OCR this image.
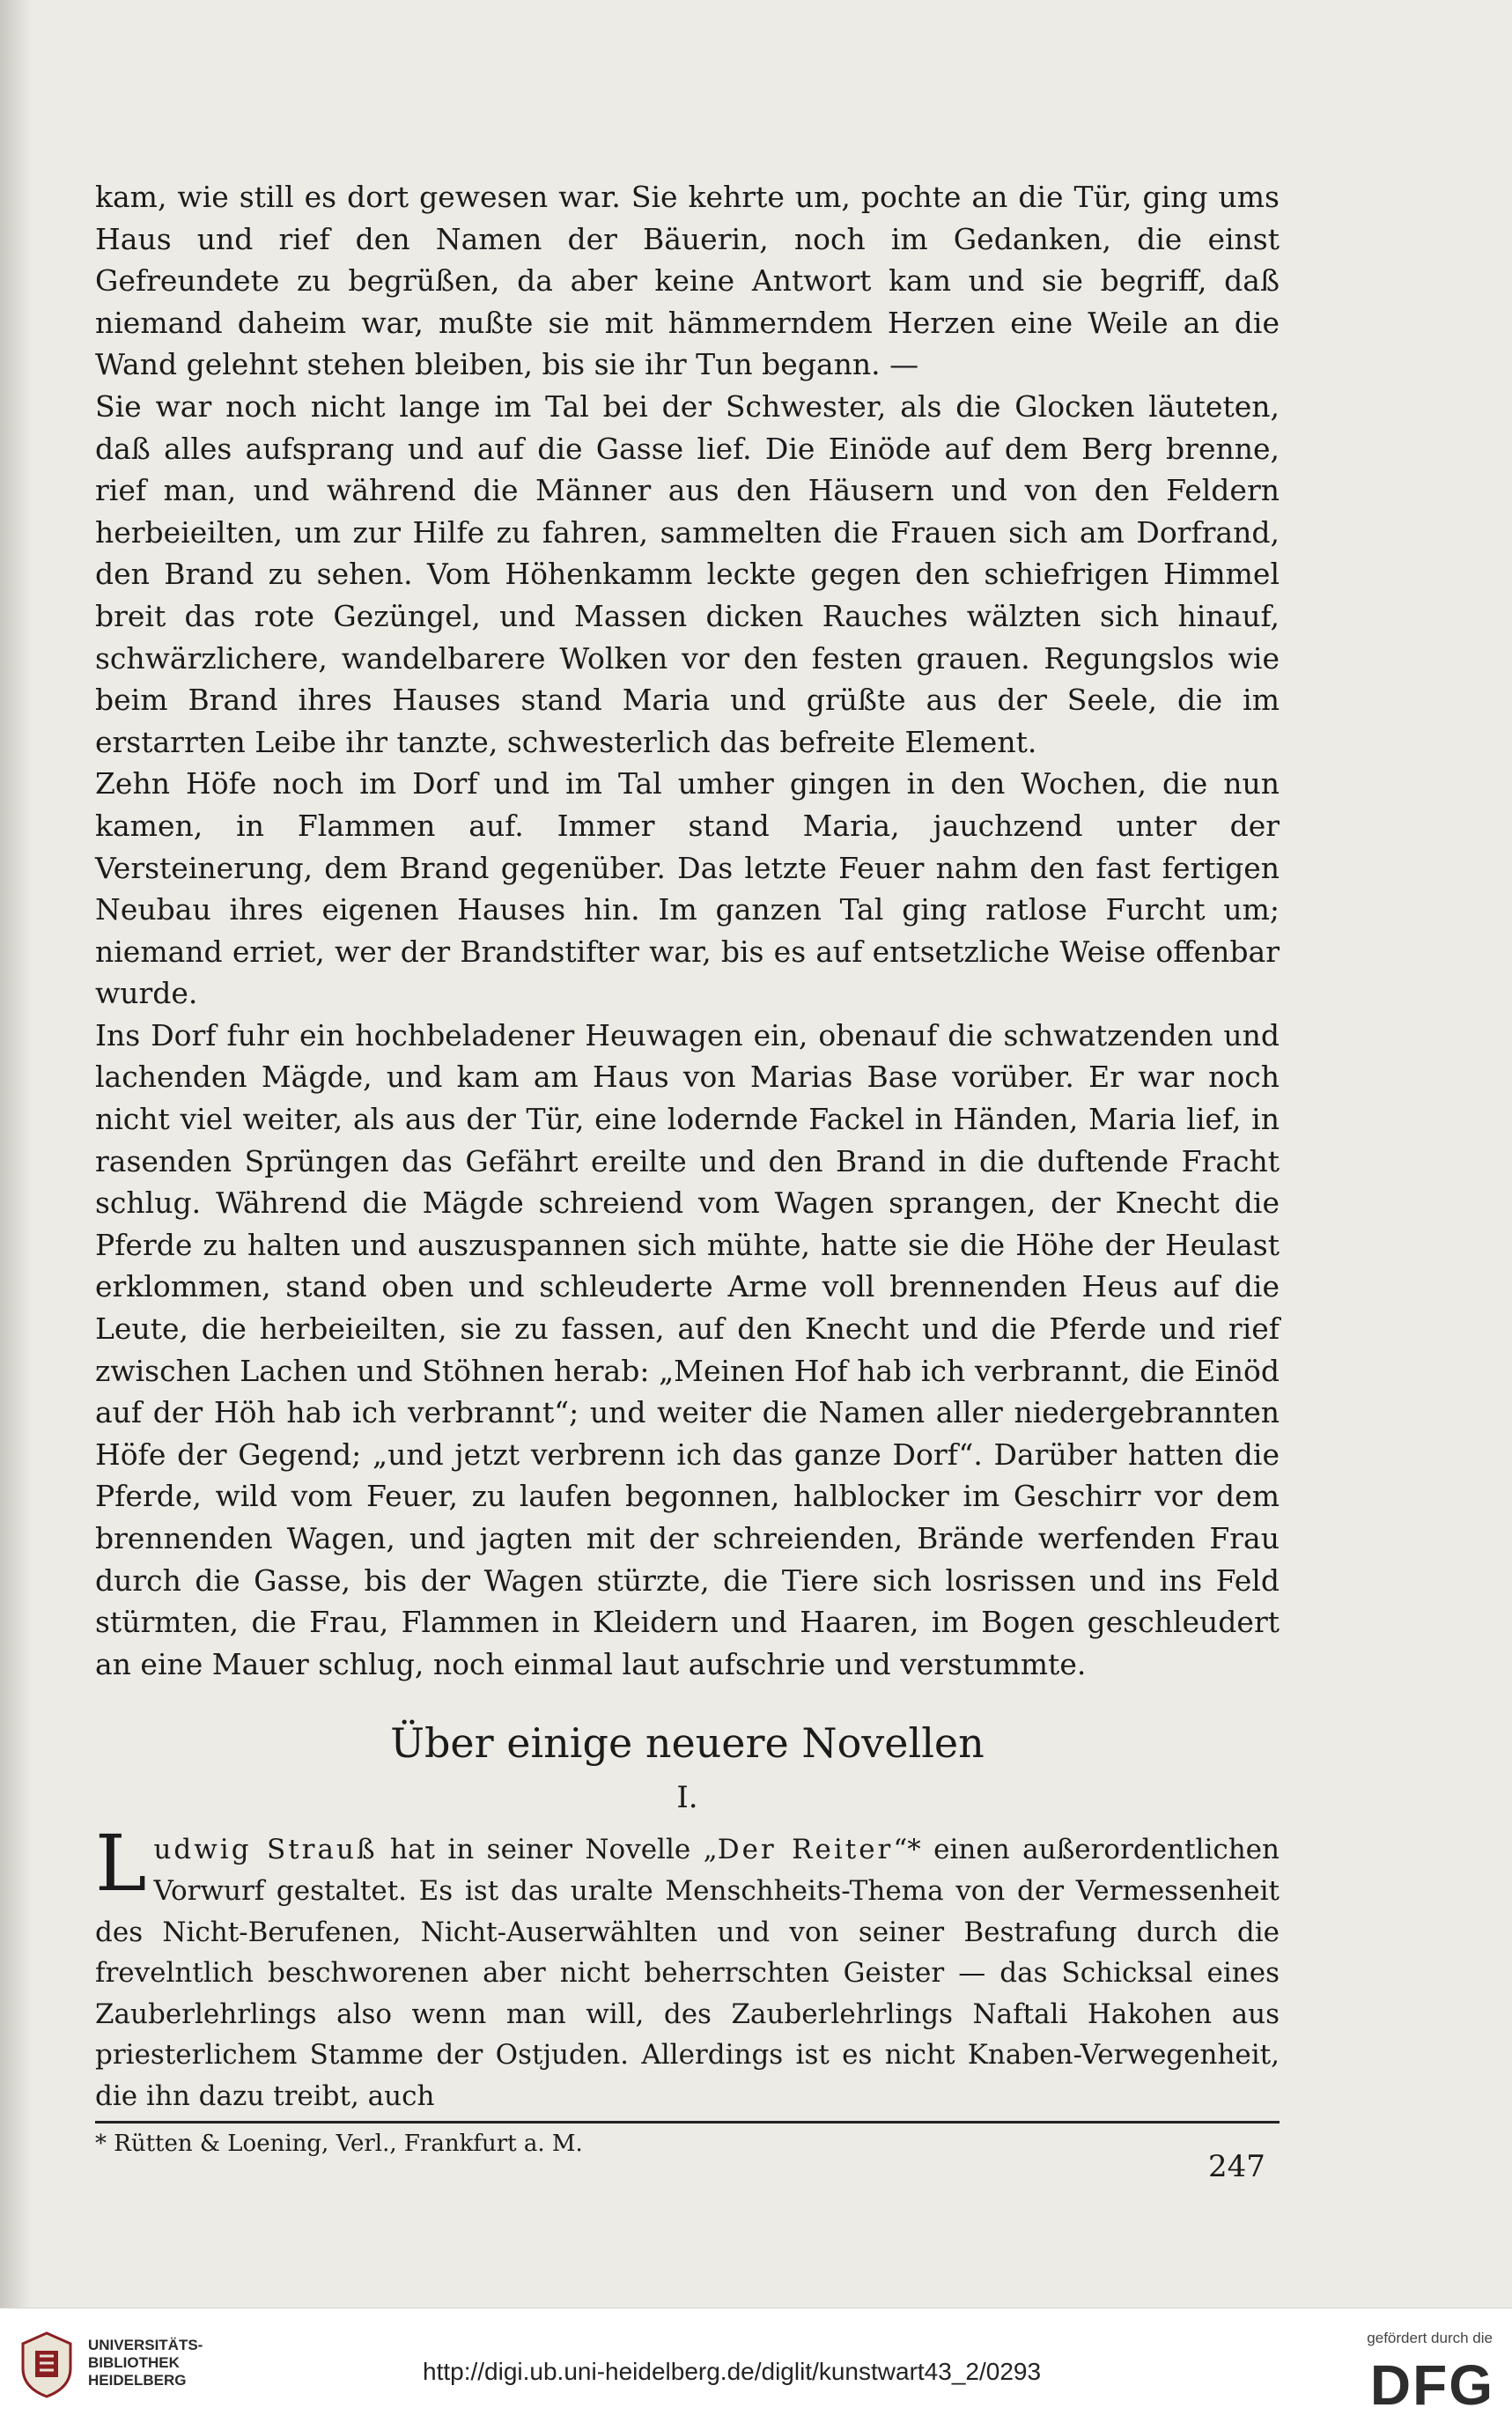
kam, wie still es dort gewesen war. Sie kehrte um, pochte an die Tür, ging ums Haus und rief den Namen der Bäuerin, noch im Gedanken, die einst Gefreundete zu begrüßen, da aber keine Antwort kam und sie begriff, daß niemand daheim war, mußte sie mit hämmerndem Herzen eine Weile an die Wand gelehnt stehen bleiben, bis sie ihr Tun begann. —

Sie war noch nicht lange im Tal bei der Schwester, als die Glocken läuteten, daß alles aufsprang und auf die Gasse lief. Die Einöde auf dem Berg brenne, rief man, und während die Männer aus den Häusern und von den Feldern herbeieilten, um zur Hilfe zu fahren, sammelten die Frauen sich am Dorfrand, den Brand zu sehen. Vom Höhenkamm leckte gegen den schiefrigen Himmel breit das rote Gezüngel, und Massen dicken Rauches wälzten sich hinauf, schwärzlichere, wandelbarere Wolken vor den festen grauen. Regungslos wie beim Brand ihres Hauses stand Maria und grüßte aus der Seele, die im erstarrten Leibe ihr tanzte, schwesterlich das befreite Element.

Zehn Höfe noch im Dorf und im Tal umher gingen in den Wochen, die nun kamen, in Flammen auf. Immer stand Maria, jauchzend unter der Versteinerung, dem Brand gegenüber. Das letzte Feuer nahm den fast fertigen Neubau ihres eigenen Hauses hin. Im ganzen Tal ging ratlose Furcht um; niemand erriet, wer der Brandstifter war, bis es auf entsetzliche Weise offenbar wurde.

Ins Dorf fuhr ein hochbeladener Heuwagen ein, obenauf die schwatzenden und lachenden Mägde, und kam am Haus von Marias Base vorüber. Er war noch nicht viel weiter, als aus der Tür, eine lodernde Fackel in Händen, Maria lief, in rasenden Sprüngen das Gefährt ereilte und den Brand in die duftende Fracht schlug. Während die Mägde schreiend vom Wagen sprangen, der Knecht die Pferde zu halten und auszuspannen sich mühte, hatte sie die Höhe der Heulast erklommen, stand oben und schleuderte Arme voll brennenden Heus auf die Leute, die herbeieilten, sie zu fassen, auf den Knecht und die Pferde und rief zwischen Lachen und Stöhnen herab: „Meinen Hof hab ich verbrannt, die Einöd auf der Höh hab ich verbrannt“; und weiter die Namen aller niedergebrannten Höfe der Gegend; „und jetzt verbrenn ich das ganze Dorf“. Darüber hatten die Pferde, wild vom Feuer, zu laufen begonnen, halblocker im Geschirr vor dem brennenden Wagen, und jagten mit der schreienden, Brände werfenden Frau durch die Gasse, bis der Wagen stürzte, die Tiere sich losrissen und ins Feld stürmten, die Frau, Flammen in Kleidern und Haaren, im Bogen geschleudert an eine Mauer schlug, noch einmal laut aufschrie und verstummte.

Über einige neuere Novellen
I.

Ludwig Strauß hat in seiner Novelle „Der Reiter“* einen außerordentlichen Vorwurf gestaltet. Es ist das uralte Menschheits-Thema von der Vermessenheit des Nicht-Berufenen, Nicht-Auserwählten und von seiner Bestrafung durch die frevelntlich beschworenen aber nicht beherrschten Geister — das Schicksal eines Zauberlehrlings also wenn man will, des Zauberlehrlings Naftali Hakohen aus priesterlichem Stamme der Ostjuden. Allerdings ist es nicht Knaben-Verwegenheit, die ihn dazu treibt, auch

* Rütten & Loening, Verl., Frankfurt a. M.

247
UNIVERSITÄTS-
BIBLIOTHEK
HEIDELBERG	http://digi.ub.uni-heidelberg.de/diglit/kunstwart43_2/0293
gefördert durch die
DFG
